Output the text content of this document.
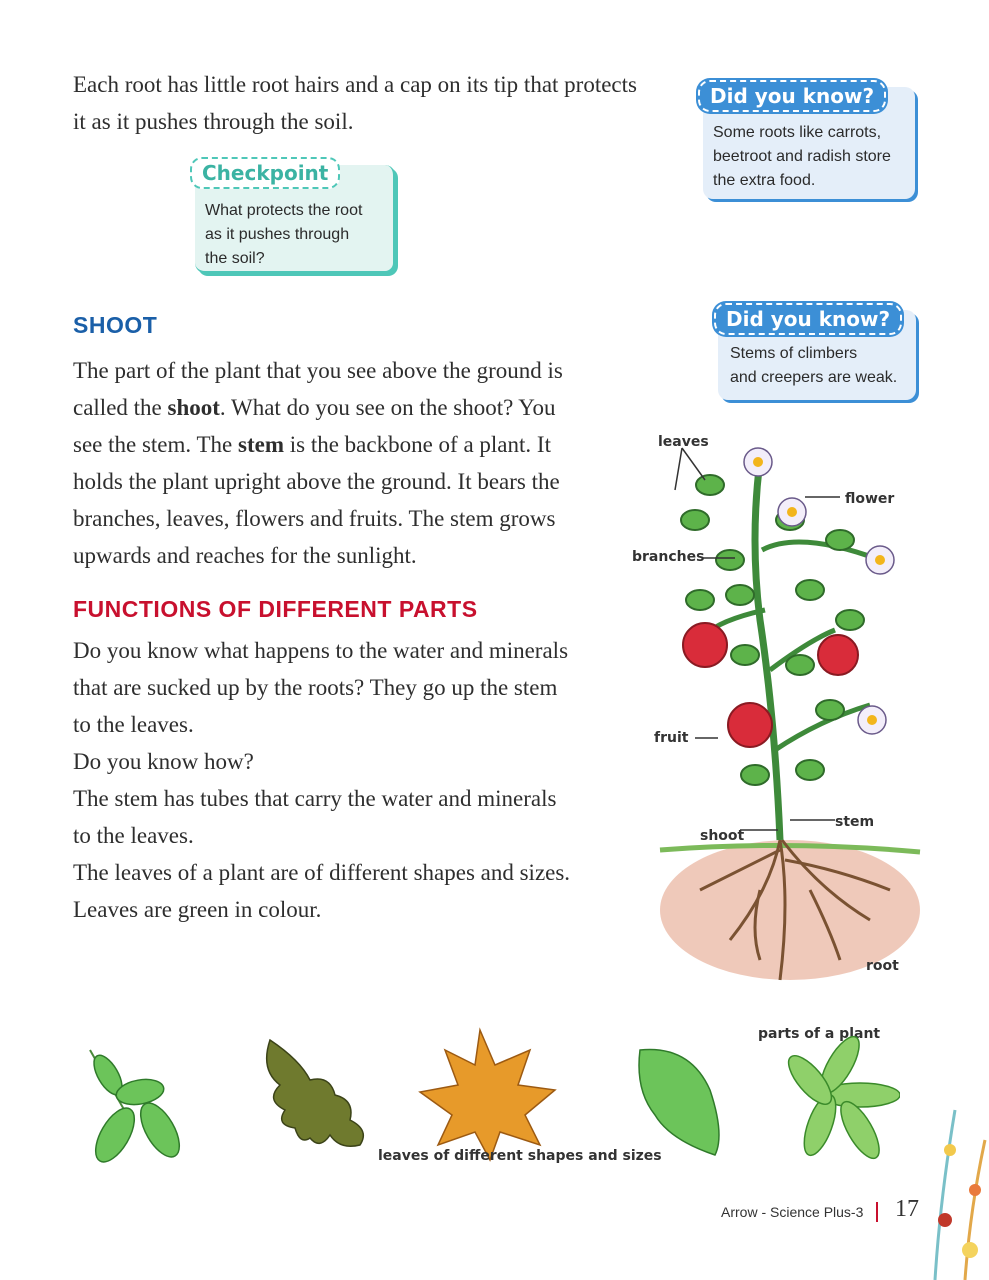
Each root has little root hairs and a cap on its tip that protects

it as it pushes through the soil.

What protects the root
as it pushes through
the soil?
Checkpoint
Some roots like carrots,
beetroot and radish store
the extra food.
Did you know?
Stems of climbers
and creepers are weak.
Did you know?
SHOOT

The part of the plant that you see above the ground is

called the shoot. What do you see on the shoot? You

see the stem. The stem is the backbone of a plant. It

holds the plant upright above the ground. It bears the

branches, leaves, flowers and fruits. The stem grows

upwards and reaches for the sunlight.

FUNCTIONS OF DIFFERENT PARTS

Do you know what happens to the water and minerals

that are sucked up by the roots? They go up the stem

to the leaves.

Do you know how?

The stem has tubes that carry the water and minerals

to the leaves.

The leaves of a plant are of different shapes and sizes.

Leaves are green in colour.

leaves
flower
branches
fruit
stem
shoot
root
parts of a plant
leaves of different shapes and sizes
Arrow - Science Plus-3 17
